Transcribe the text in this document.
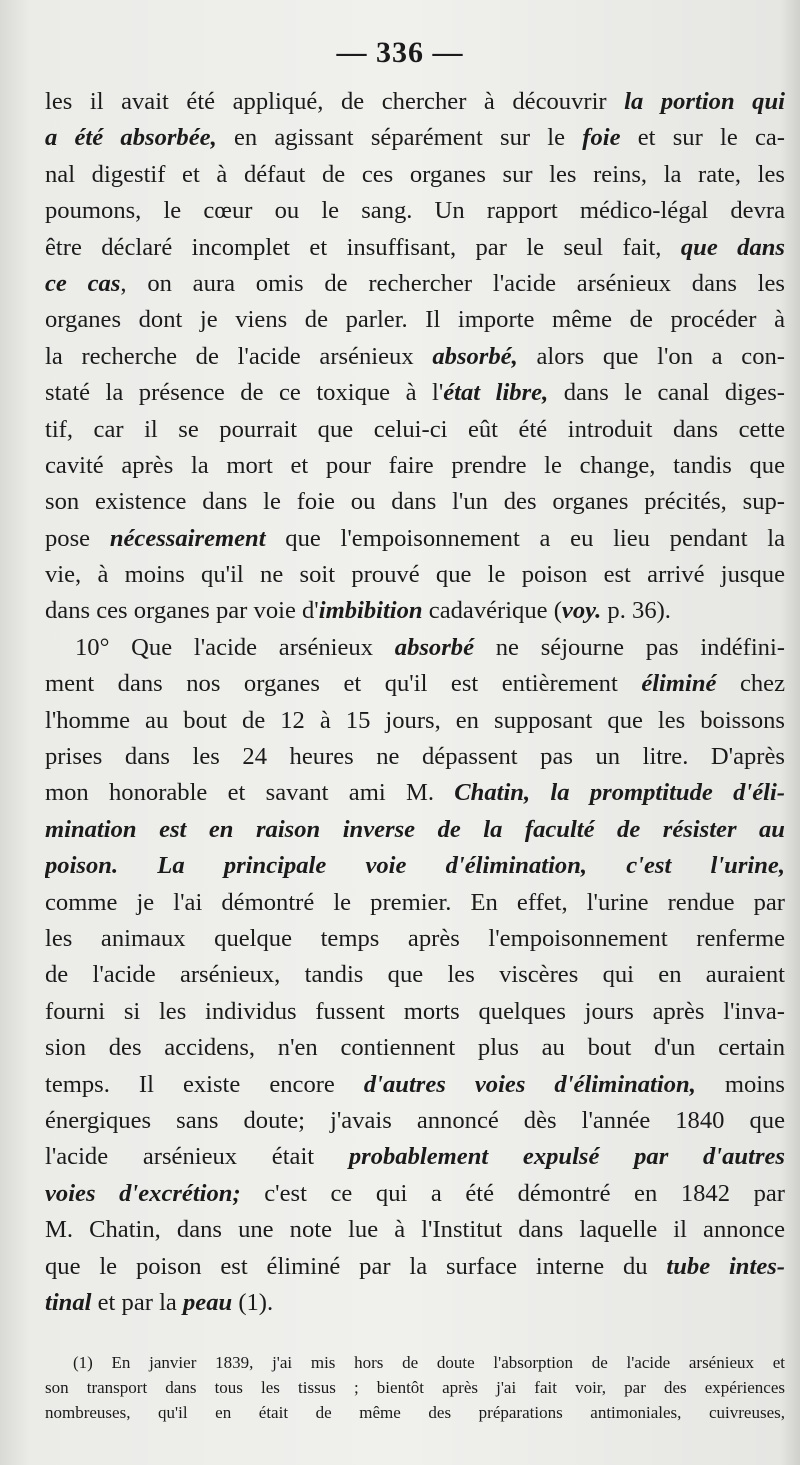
— 336 —
les il avait été appliqué, de chercher à découvrir la portion qui
a été absorbée, en agissant séparément sur le foie et sur le ca-
nal digestif et à défaut de ces organes sur les reins, la rate, les
poumons, le cœur ou le sang. Un rapport médico-légal devra
être déclaré incomplet et insuffisant, par le seul fait, que dans
ce cas, on aura omis de rechercher l'acide arsénieux dans les
organes dont je viens de parler. Il importe même de procéder à
la recherche de l'acide arsénieux absorbé, alors que l'on a con-
staté la présence de ce toxique à l'état libre, dans le canal diges-
tif, car il se pourrait que celui-ci eût été introduit dans cette
cavité après la mort et pour faire prendre le change, tandis que
son existence dans le foie ou dans l'un des organes précités, sup-
pose nécessairement que l'empoisonnement a eu lieu pendant la
vie, à moins qu'il ne soit prouvé que le poison est arrivé jusque
dans ces organes par voie d'imbibition cadavérique (voy. p. 36).
10° Que l'acide arsénieux absorbé ne séjourne pas indéfini-
ment dans nos organes et qu'il est entièrement éliminé chez
l'homme au bout de 12 à 15 jours, en supposant que les boissons
prises dans les 24 heures ne dépassent pas un litre. D'après
mon honorable et savant ami M. Chatin, la promptitude d'éli-
mination est en raison inverse de la faculté de résister au
poison. La principale voie d'élimination, c'est l'urine,
comme je l'ai démontré le premier. En effet, l'urine rendue par
les animaux quelque temps après l'empoisonnement renferme
de l'acide arsénieux, tandis que les viscères qui en auraient
fourni si les individus fussent morts quelques jours après l'inva-
sion des accidens, n'en contiennent plus au bout d'un certain
temps. Il existe encore d'autres voies d'élimination, moins
énergiques sans doute; j'avais annoncé dès l'année 1840 que
l'acide arsénieux était probablement expulsé par d'autres
voies d'excrétion; c'est ce qui a été démontré en 1842 par
M. Chatin, dans une note lue à l'Institut dans laquelle il annonce
que le poison est éliminé par la surface interne du tube intes-
tinal et par la peau (1).
(1) En janvier 1839, j'ai mis hors de doute l'absorption de l'acide arsénieux et
son transport dans tous les tissus ; bientôt après j'ai fait voir, par des expériences
nombreuses, qu'il en était de même des préparations antimoniales, cuivreuses,
